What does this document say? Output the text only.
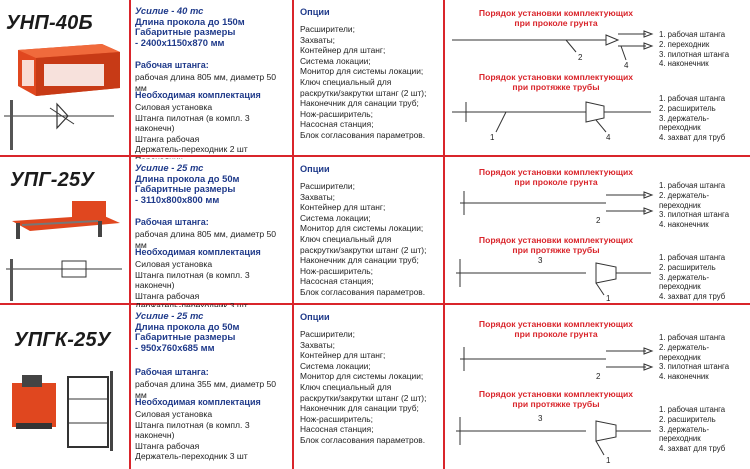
УНП-40Б
Усилие - 40 тс
Длина прокола до 150м
Габаритные размеры
- 2400х1150х870 мм
Рабочая штанга:
рабочая длина 805 мм, диаметр 50 мм
Необходимая комплектация
Силовая установка
Штанга пилотная (в компл. 3 наконечн)
Штанга рабочая
Держатель-переходник 2 шт
Опции
Расширители;
Захваты;
Контейнер для штанг;
Система локации;
Монитор для системы локации;
Ключ специальный для
раскрутки/закрутки штанг (2 шт);
Наконечник для санации труб;
Нож-расширитель;
Насосная станция;
Блок согласования параметров.
Порядок установки комплектующих
при проколе грунта
1. рабочая штанга
2. переходник
3. пилотная штанга
4. наконечник
Порядок установки комплектующих
при протяжке трубы
1. рабочая штанга
2. расширитель
3. держатель-переходник
4. захват для труб
2
4
1	4
УПГ-25У
Усилие - 25 тс
Длина прокола до 50м
Габаритные размеры
- 3110х800х800 мм
Рабочая штанга:
рабочая длина 805 мм, диаметр 50 мм
Необходимая комплектация
Силовая установка
Штанга пилотная (в компл. 3 наконечн)
Штанга рабочая
Опции
Расширители;
Захваты;
Контейнер для штанг;
Система локации;
Монитор для системы локации;
Ключ специальный для
раскрутки/закрутки штанг (2 шт);
Наконечник для санации труб;
Нож-расширитель;
Насосная станция;
Блок согласования параметров.
Порядок установки комплектующих
при проколе грунта	1. рабочая штанга
2. держатель-переходник
3. пилотная штанга
4. наконечник
Порядок установки комплектующих
при протяжке трубы
1. рабочая штанга
2. расширитель
3. держатель-переходник
4. захват для труб
2
3
1
УПГК-25У
Усилие - 25 тс
Длина прокола до 50м
Габаритные размеры
- 950х760х685 мм
Рабочая штанга:
рабочая длина 355 мм, диаметр 50 мм
Необходимая комплектация
Силовая установка
Штанга пилотная (в компл. 3 наконечн)
Штанга рабочая
Держатель-переходник 3 шт
Опции
Расширители;
Захваты;
Контейнер для штанг;
Система локации;
Монитор для системы локации;
Ключ специальный для
раскрутки/закрутки штанг (2 шт);
Наконечник для санации труб;
Нож-расширитель;
Насосная станция;
Блок согласования параметров.
Порядок установки комплектующих
при проколе грунта	1. рабочая штанга
2. держатель-переходник
3. пилотная штанга
4. наконечник
Порядок установки комплектующих
при протяжке трубы
1. рабочая штанга
2. расширитель
3. держатель-переходник
4. захват для труб
2
3
1
